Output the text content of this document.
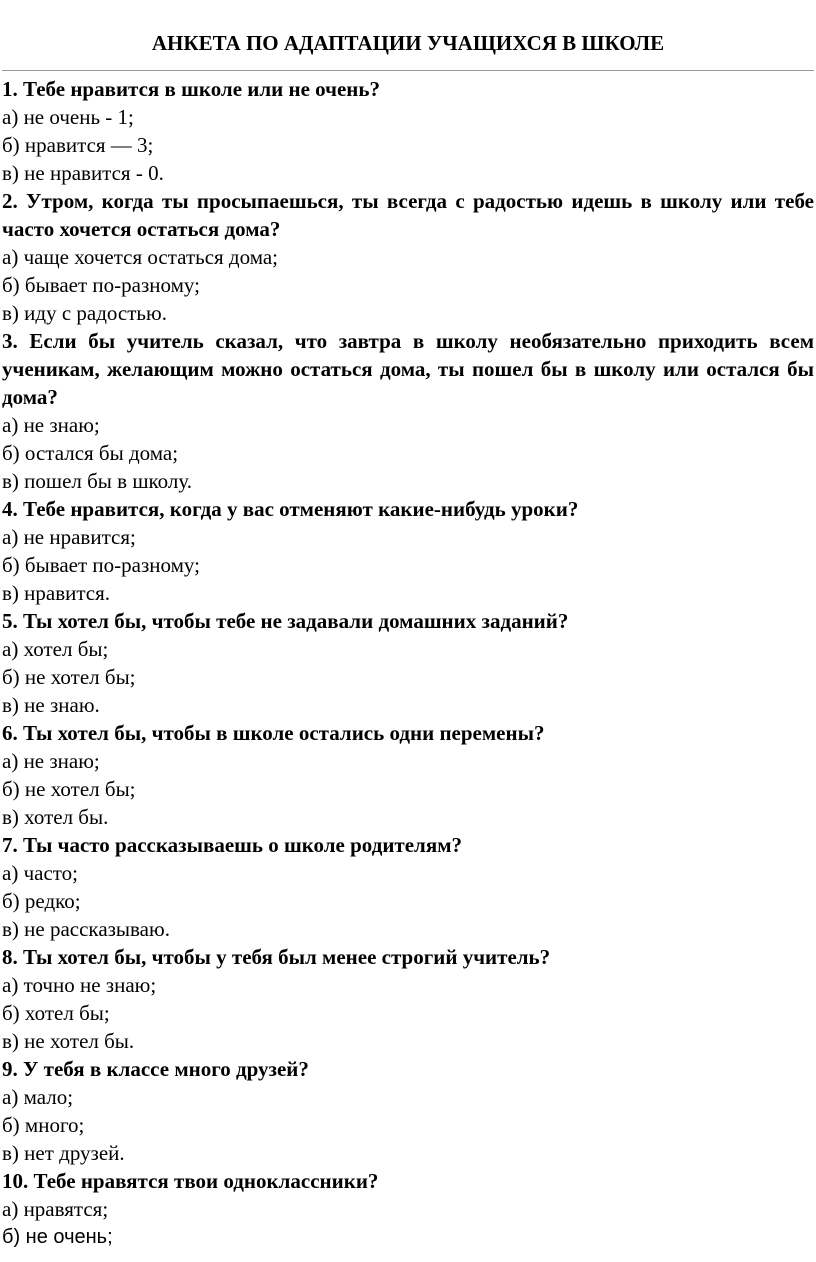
АНКЕТА ПО АДАПТАЦИИ УЧАЩИХСЯ В ШКОЛЕ

1. Тебе нравится в школе или не очень?

а) не очень - 1;
б) нравится — 3;
в) не нравится - 0.

2. Утром, когда ты просыпаешься, ты всегда с радостью идешь в школу или тебе часто хочется остаться дома?

а) чаще хочется остаться дома;
б) бывает по-разному;
в) иду с радостью.

3. Если бы учитель сказал, что завтра в школу необязательно приходить всем ученикам, желающим можно остаться дома, ты пошел бы в школу или остался бы дома?

а) не знаю;
б) остался бы дома;
в) пошел бы в школу.

4. Тебе нравится, когда у вас отменяют какие-нибудь уроки?

а) не нравится;
б) бывает по-разному;
в) нравится.

5. Ты хотел бы, чтобы тебе не задавали домашних заданий?

а) хотел бы;
б) не хотел бы;
в) не знаю.

6. Ты хотел бы, чтобы в школе остались одни перемены?

а) не знаю;
б) не хотел бы;
в) хотел бы.

7. Ты часто рассказываешь о школе родителям?

а) часто;
б) редко;
в) не рассказываю.

8. Ты хотел бы, чтобы у тебя был менее строгий учитель?

а) точно не знаю;
б) хотел бы;
в) не хотел бы.

9. У тебя в классе много друзей?

а) мало;
б) много;
в) нет друзей.

10. Тебе нравятся твои одноклассники?

а) нравятся;
б) не очень;
